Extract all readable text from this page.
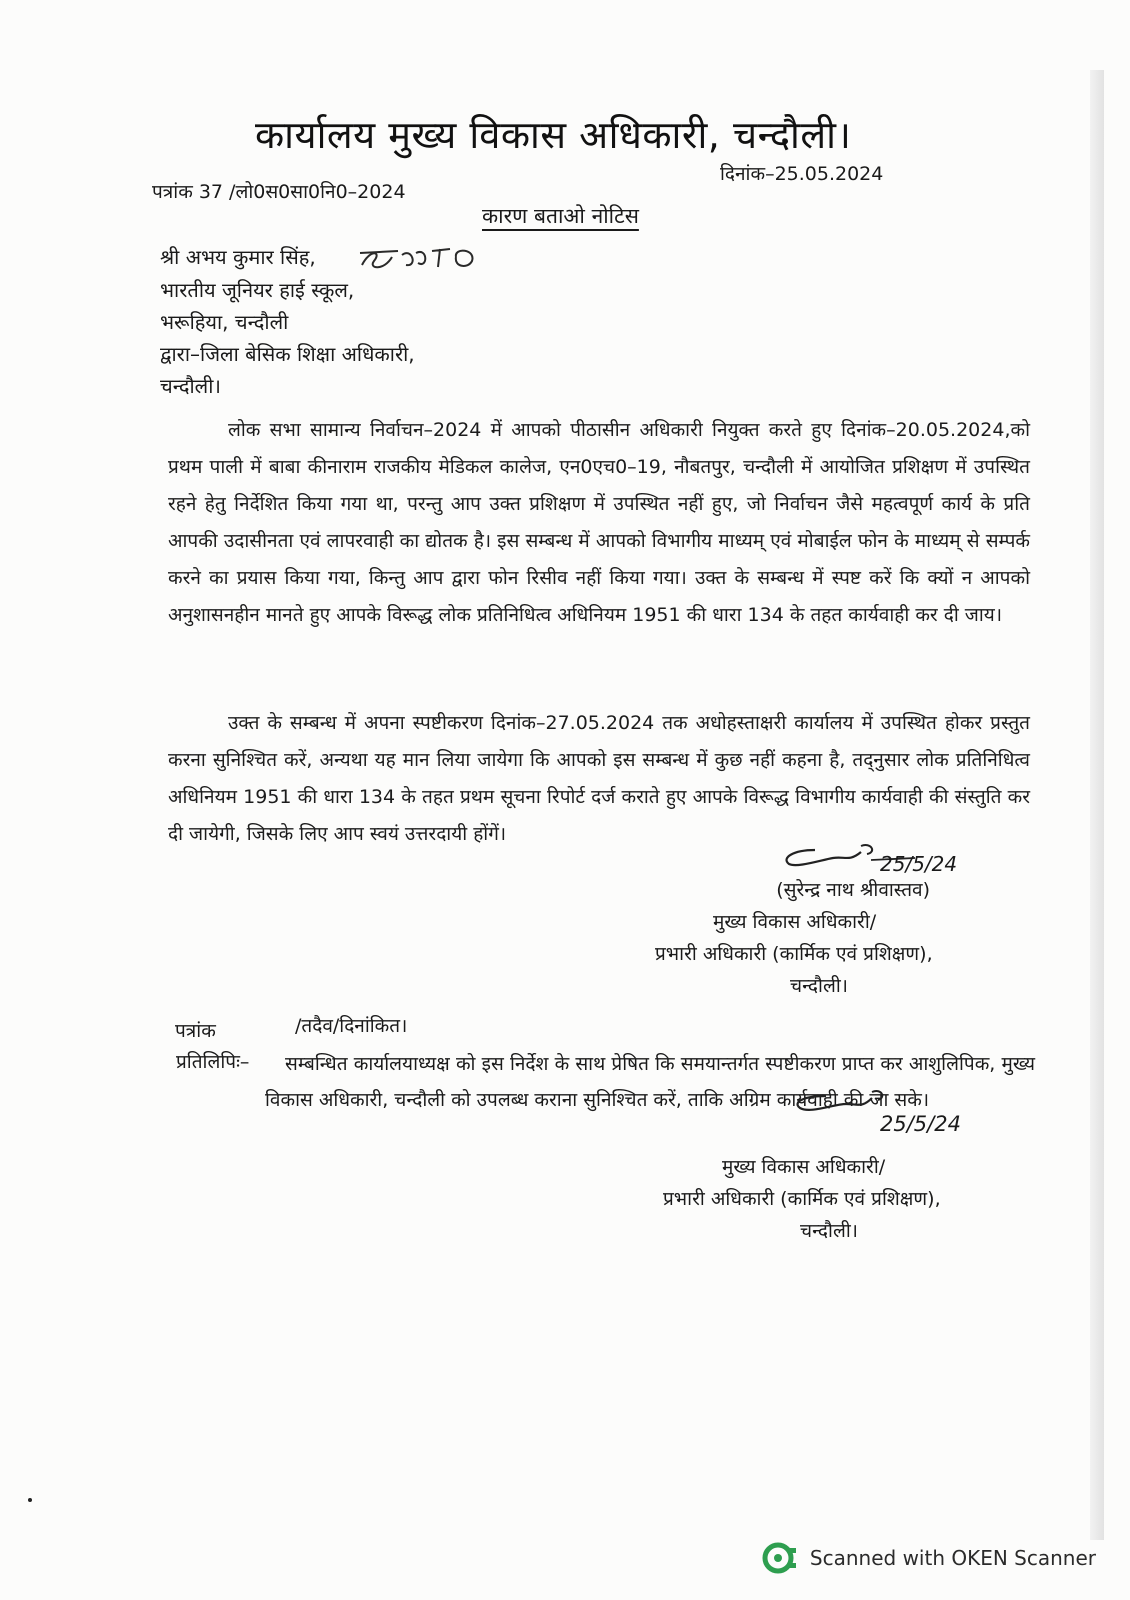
कार्यालय मुख्य विकास अधिकारी, चन्दौली।
दिनांक–25.05.2024
पत्रांक 37 /लो0स0सा0नि0–2024
कारण बताओ नोटिस
श्री अभय कुमार सिंह,
भारतीय जूनियर हाई स्कूल,
भरूहिया, चन्दौली
द्वारा–जिला बेसिक शिक्षा अधिकारी,
चन्दौली।
लोक सभा सामान्य निर्वाचन–2024 में आपको पीठासीन अधिकारी नियुक्त करते हुए दिनांक–20.05.2024,को प्रथम पाली में बाबा कीनाराम राजकीय मेडिकल कालेज, एन0एच0–19, नौबतपुर, चन्दौली में आयोजित प्रशिक्षण में उपस्थित रहने हेतु निर्देशित किया गया था, परन्तु आप उक्त प्रशिक्षण में उपस्थित नहीं हुए, जो निर्वाचन जैसे महत्वपूर्ण कार्य के प्रति आपकी उदासीनता एवं लापरवाही का द्योतक है। इस सम्बन्ध में आपको विभागीय माध्यम् एवं मोबाईल फोन के माध्यम् से सम्पर्क करने का प्रयास किया गया, किन्तु आप द्वारा फोन रिसीव नहीं किया गया। उक्त के सम्बन्ध में स्पष्ट करें कि क्यों न आपको अनुशासनहीन मानते हुए आपके विरूद्ध लोक प्रतिनिधित्व अधिनियम 1951 की धारा 134 के तहत कार्यवाही कर दी जाय।
उक्त के सम्बन्ध में अपना स्पष्टीकरण दिनांक–27.05.2024 तक अधोहस्ताक्षरी कार्यालय में उपस्थित होकर प्रस्तुत करना सुनिश्चित करें, अन्यथा यह मान लिया जायेगा कि आपको इस सम्बन्ध में कुछ नहीं कहना है, तद्नुसार लोक प्रतिनिधित्व अधिनियम 1951 की धारा 134 के तहत प्रथम सूचना रिपोर्ट दर्ज कराते हुए आपके विरूद्ध विभागीय कार्यवाही की संस्तुति कर दी जायेगी, जिसके लिए आप स्वयं उत्तरदायी होंगें।
25/5/24
(सुरेन्द्र नाथ श्रीवास्तव)
मुख्य विकास अधिकारी/
प्रभारी अधिकारी (कार्मिक एवं प्रशिक्षण),
चन्दौली।
पत्रांक	/तदैव/दिनांकित।
प्रतिलिपिः–	सम्बन्धित कार्यालयाध्यक्ष को इस निर्देश के साथ प्रेषित कि समयान्तर्गत स्पष्टीकरण प्राप्त कर आशुलिपिक, मुख्य विकास अधिकारी, चन्दौली को उपलब्ध कराना सुनिश्चित करें, ताकि अग्रिम कार्यवाही की जा सके।
25/5/24
मुख्य विकास अधिकारी/
प्रभारी अधिकारी (कार्मिक एवं प्रशिक्षण),
चन्दौली।
Scanned with OKEN Scanner
